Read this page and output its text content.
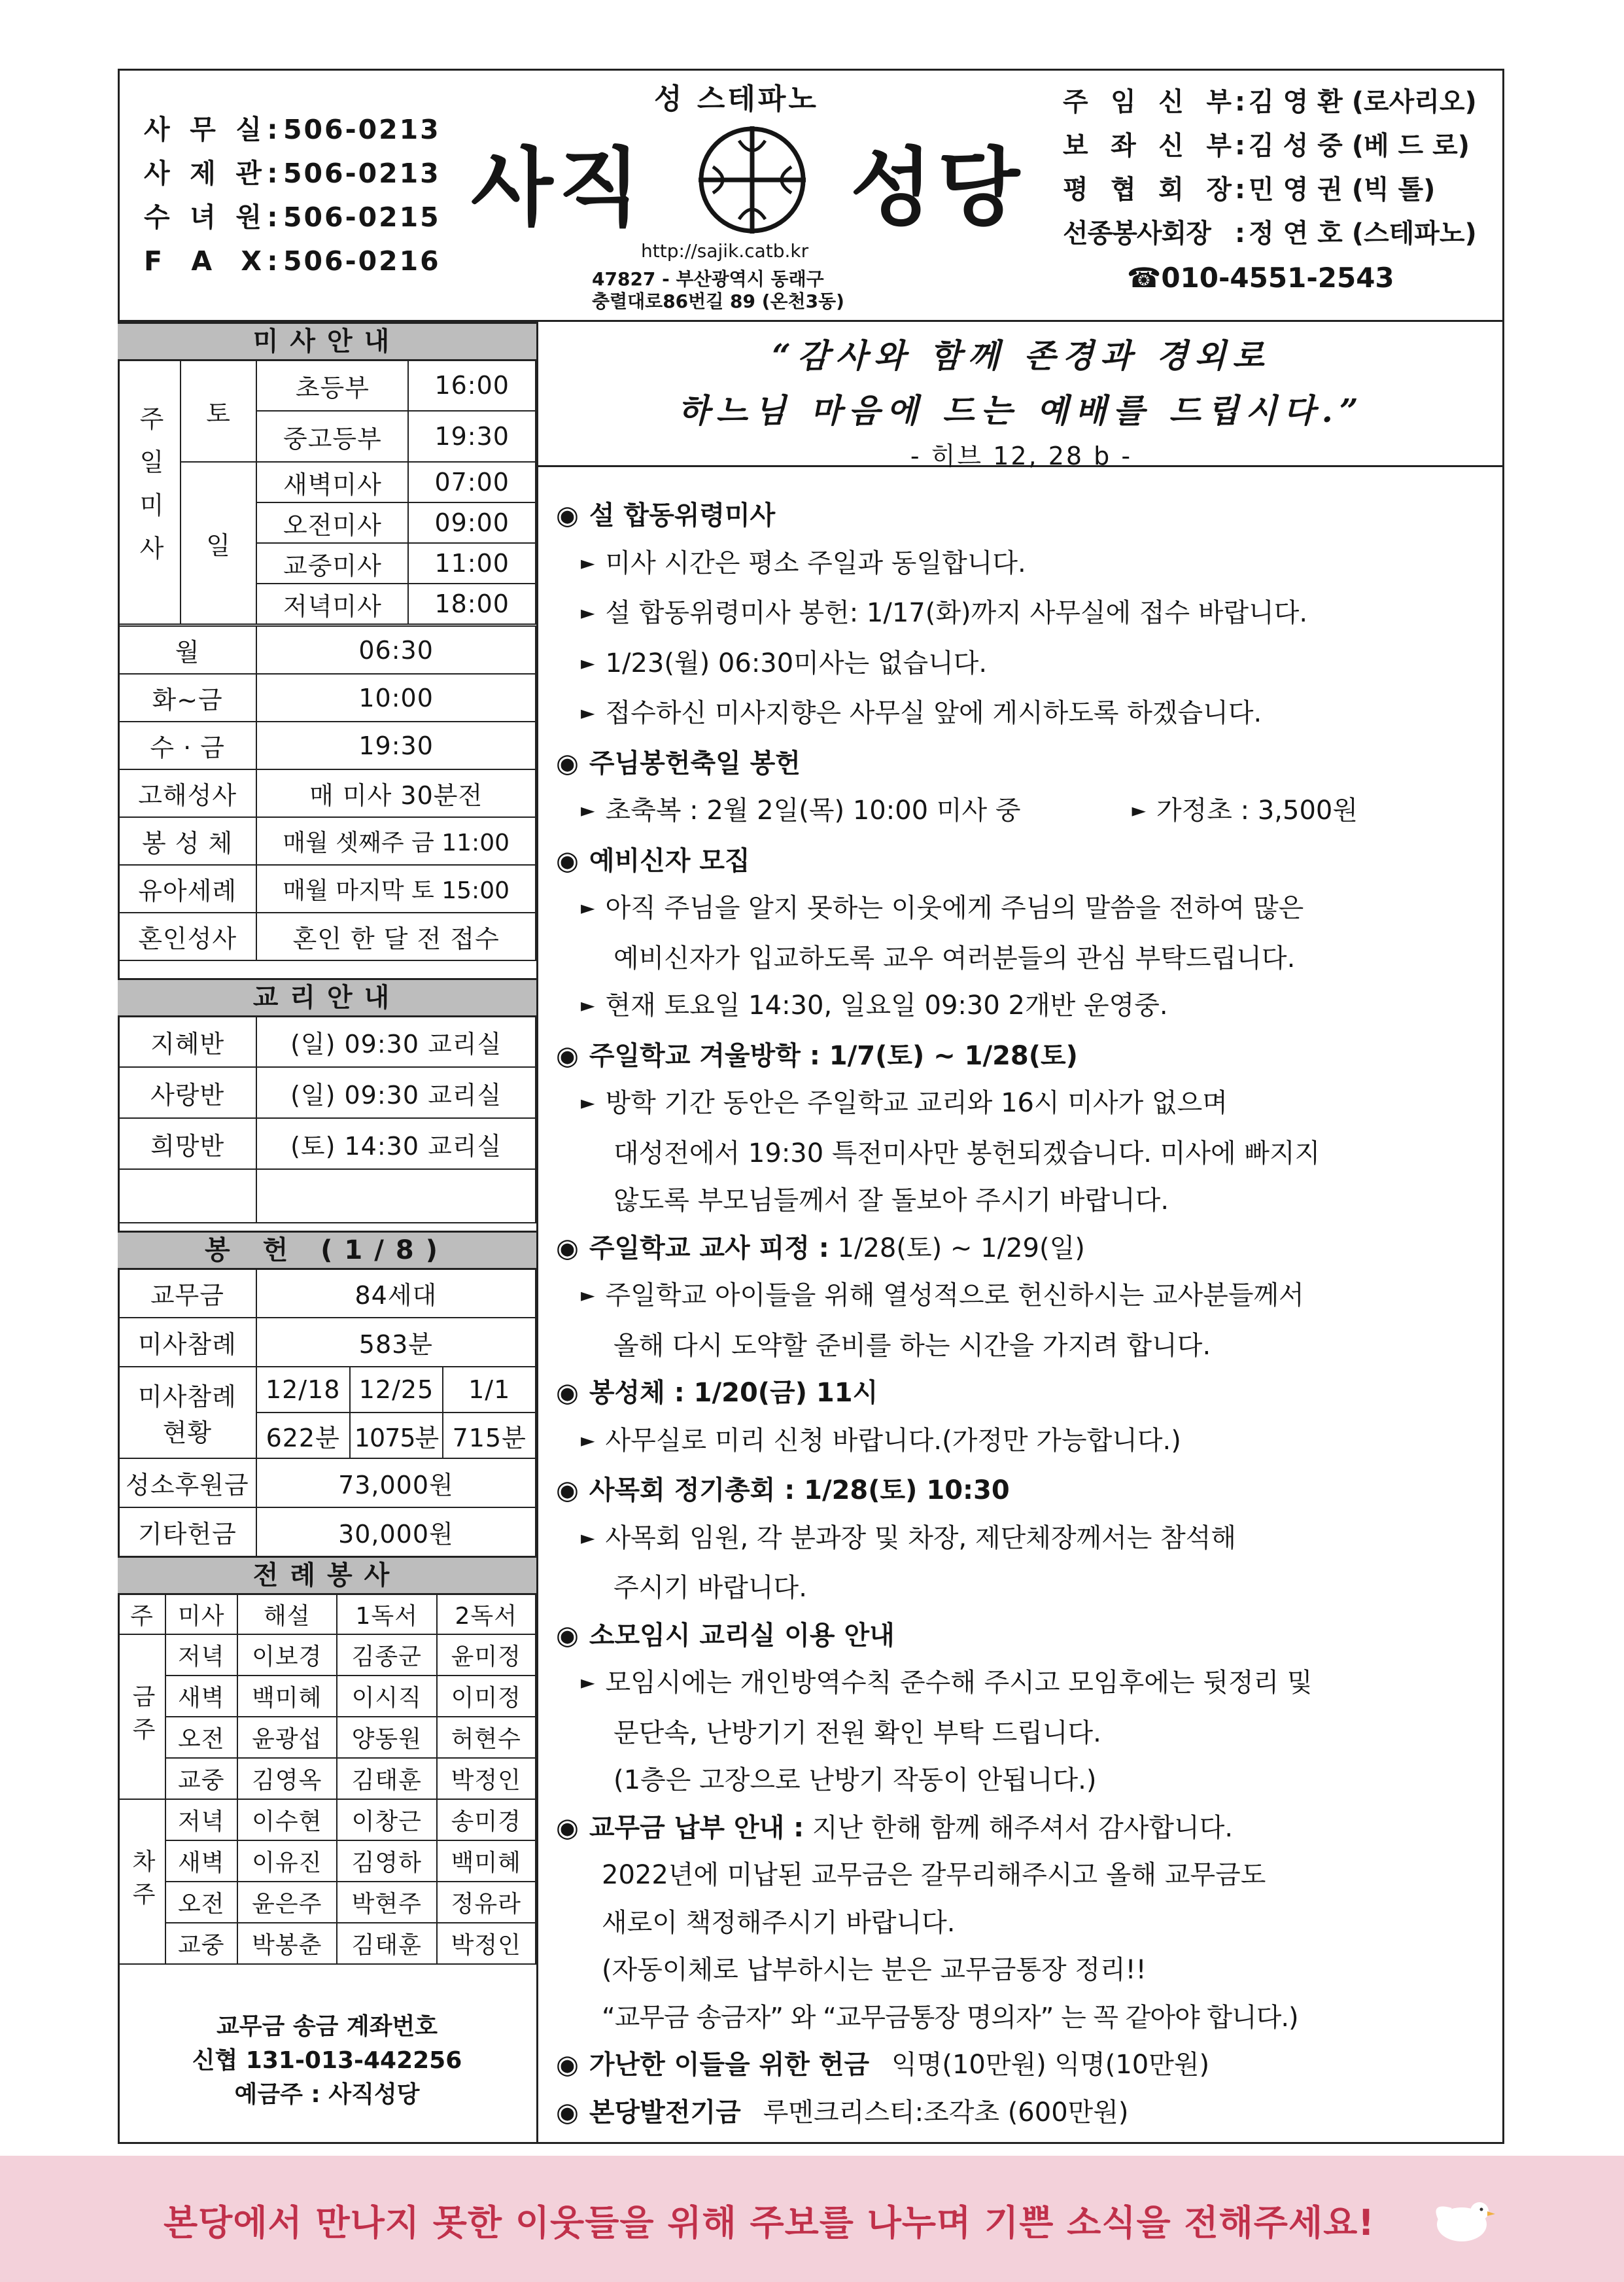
사 무 실 : 506-0213
사 제 관 : 506-0213
수 녀 원 : 506-0215
F A X : 506-0216
성 스테파노
사직 성당
http://sajik.catb.kr
47827 - 부산광역시 동래구
충렬대로86번길 89 (온천3동)
주 임 신 부 : 김 영 환 (로사리오)
보 좌 신 부 : 김 성 중 (베 드 로)
평 협 회 장 : 민 영 권 (빅 톨)
선종봉사회장 : 정 연 호 (스테파노)
☎010-4551-2543
미사안내
주일미사	토	초등부	16:00
		중고등부	19:30
	일	새벽미사	07:00
		오전미사	09:00
		교중미사	11:00
		저녁미사	18:00
월	06:30
화~금	10:00
수 · 금	19:30
고해성사	매 미사 30분전
봉 성 체	매월 셋째주 금 11:00
유아세례	매월 마지막 토 15:00
혼인성사	혼인 한 달 전 접수
교리안내
지혜반	(일) 09:30 교리실
사랑반	(일) 09:30 교리실
희망반	(토) 14:30 교리실

봉 헌 (1/8)
교무금	84세대		
미사참례	583분		

미사참례
현황	12/18	12/25	1/1
	622분	1075분	715분
성소후원금	73,000원		
기타헌금	30,000원		
전례봉사
주	미사	해설	1독서	2독서

금주	저녁	이보경	김종군	윤미정
	새벽	백미혜	이시직	이미정
	오전	윤광섭	양동원	허현수
	교중	김영옥	김태훈	박정인

차주	저녁	이수현	이창근	송미경
	새벽	이유진	김영하	백미혜
	오전	윤은주	박현주	정유라
	교중	박봉춘	김태훈	박정인
교무금 송금 계좌번호
신협 131-013-442256
예금주 : 사직성당
“감사와 함께 존경과 경외로
하느님 마음에 드는 예배를 드립시다.”
- 히브 12, 28 b -
◉ 설 합동위령미사
► 미사 시간은 평소 주일과 동일합니다.
► 설 합동위령미사 봉헌: 1/17(화)까지 사무실에 접수 바랍니다.
► 1/23(월) 06:30미사는 없습니다.
► 접수하신 미사지향은 사무실 앞에 게시하도록 하겠습니다.
◉ 주님봉헌축일 봉헌
► 초축복 : 2월 2일(목) 10:00 미사 중	► 가정초 : 3,500원
◉ 예비신자 모집
► 아직 주님을 알지 못하는 이웃에게 주님의 말씀을 전하여 많은
예비신자가 입교하도록 교우 여러분들의 관심 부탁드립니다.
► 현재 토요일 14:30, 일요일 09:30 2개반 운영중.
◉ 주일학교 겨울방학 : 1/7(토) ~ 1/28(토)
► 방학 기간 동안은 주일학교 교리와 16시 미사가 없으며
대성전에서 19:30 특전미사만 봉헌되겠습니다. 미사에 빠지지
않도록 부모님들께서 잘 돌보아 주시기 바랍니다.
◉ 주일학교 교사 피정 : 1/28(토) ~ 1/29(일)
► 주일학교 아이들을 위해 열성적으로 헌신하시는 교사분들께서
올해 다시 도약할 준비를 하는 시간을 가지려 합니다.
◉ 봉성체 : 1/20(금) 11시
► 사무실로 미리 신청 바랍니다.(가정만 가능합니다.)
◉ 사목회 정기총회 : 1/28(토) 10:30
► 사목회 임원, 각 분과장 및 차장, 제단체장께서는 참석해
주시기 바랍니다.
◉ 소모임시 교리실 이용 안내
► 모임시에는 개인방역수칙 준수해 주시고 모임후에는 뒷정리 및
문단속, 난방기기 전원 확인 부탁 드립니다.
(1층은 고장으로 난방기 작동이 안됩니다.)
◉ 교무금 납부 안내 : 지난 한해 함께 해주셔서 감사합니다.
2022년에 미납된 교무금은 갈무리해주시고 올해 교무금도
새로이 책정해주시기 바랍니다.
(자동이체로 납부하시는 분은 교무금통장 정리!!
“교무금 송금자” 와 “교무금통장 명의자” 는 꼭 같아야 합니다.)
◉ 가난한 이들을 위한 헌금 익명(10만원) 익명(10만원)
◉ 본당발전기금 루멘크리스티:조각초 (600만원)
본당에서 만나지 못한 이웃들을 위해 주보를 나누며 기쁜 소식을 전해주세요!
